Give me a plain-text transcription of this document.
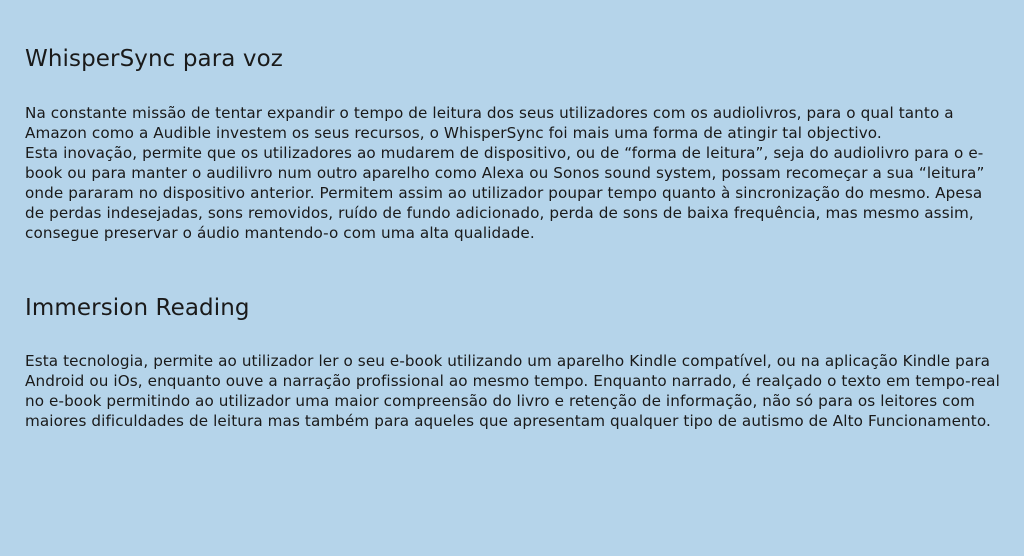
WhisperSync para voz

Na constante missão de tentar expandir o tempo de leitura dos seus utilizadores com os audiolivros, para o qual tanto a Amazon como a Audible investem os seus recursos, o WhisperSync foi mais uma forma de atingir tal objectivo.

Esta inovação, permite que os utilizadores ao mudarem de dispositivo, ou de “forma de leitura”, seja do audiolivro para o e-book ou para manter o audilivro num outro aparelho como Alexa ou Sonos sound system, possam recomeçar a sua “leitura” onde pararam no dispositivo anterior. Permitem assim ao utilizador poupar tempo quanto à sincronização do mesmo. Apesa de perdas indesejadas, sons removidos, ruído de fundo adicionado, perda de sons de baixa frequência, mas mesmo assim, consegue preservar o áudio mantendo-o com uma alta qualidade.

Immersion Reading

Esta tecnologia, permite ao utilizador ler o seu e-book utilizando um aparelho Kindle compatível, ou na aplicação Kindle para Android ou iOs, enquanto ouve a narração profissional ao mesmo tempo. Enquanto narrado, é realçado o texto em tempo-real no e-book permitindo ao utilizador uma maior compreensão do livro e retenção de informação, não só para os leitores com maiores dificuldades de leitura mas também para aqueles que apresentam qualquer tipo de autismo de Alto Funcionamento.
